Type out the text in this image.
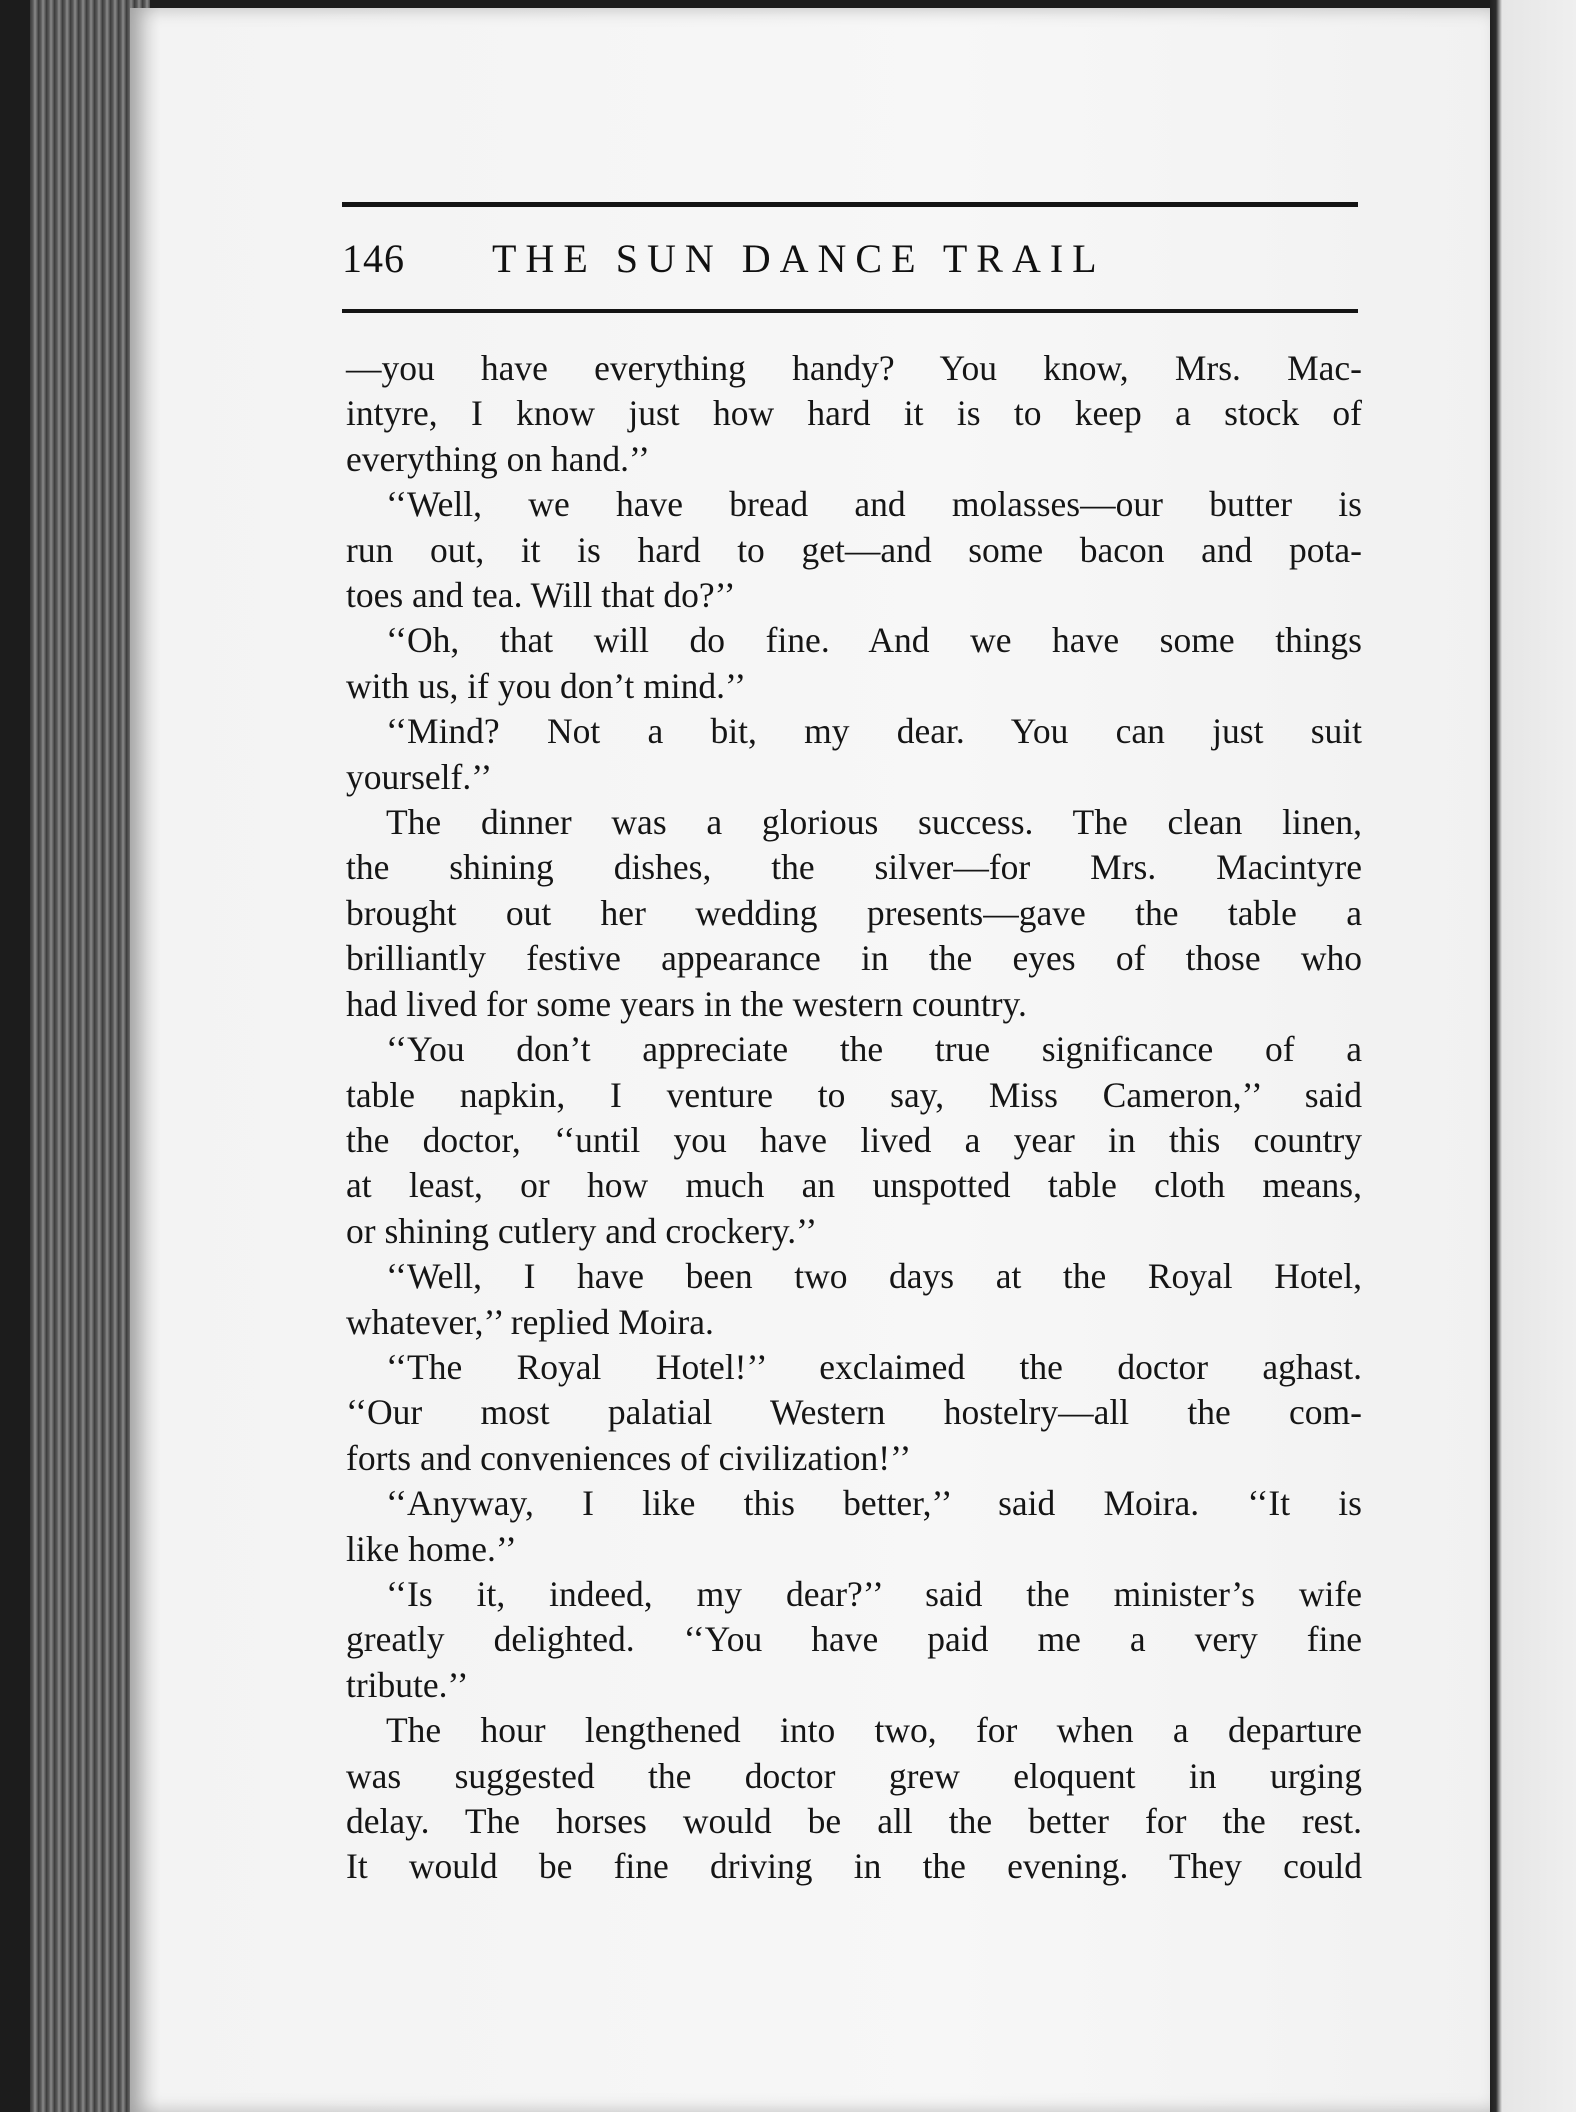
146 THE SUN DANCE TRAIL

—you have everything handy? You know, Mrs. Mac-

intyre, I know just how hard it is to keep a stock of

everything on hand.’’

‘‘Well, we have bread and molasses—our butter is

run out, it is hard to get—and some bacon and pota-

toes and tea. Will that do?’’

‘‘Oh, that will do fine. And we have some things

with us, if you don’t mind.’’

‘‘Mind? Not a bit, my dear. You can just suit

yourself.’’

The dinner was a glorious success. The clean linen,

the shining dishes, the silver—for Mrs. Macintyre

brought out her wedding presents—gave the table a

brilliantly festive appearance in the eyes of those who

had lived for some years in the western country.

‘‘You don’t appreciate the true significance of a

table napkin, I venture to say, Miss Cameron,’’ said

the doctor, ‘‘until you have lived a year in this country

at least, or how much an unspotted table cloth means,

or shining cutlery and crockery.’’

‘‘Well, I have been two days at the Royal Hotel,

whatever,’’ replied Moira.

‘‘The Royal Hotel!’’ exclaimed the doctor aghast.

‘‘Our most palatial Western hostelry—all the com-

forts and conveniences of civilization!’’

‘‘Anyway, I like this better,’’ said Moira. ‘‘It is

like home.’’

‘‘Is it, indeed, my dear?’’ said the minister’s wife

greatly delighted. ‘‘You have paid me a very fine

tribute.’’

The hour lengthened into two, for when a departure

was suggested the doctor grew eloquent in urging

delay. The horses would be all the better for the rest.

It would be fine driving in the evening. They could
